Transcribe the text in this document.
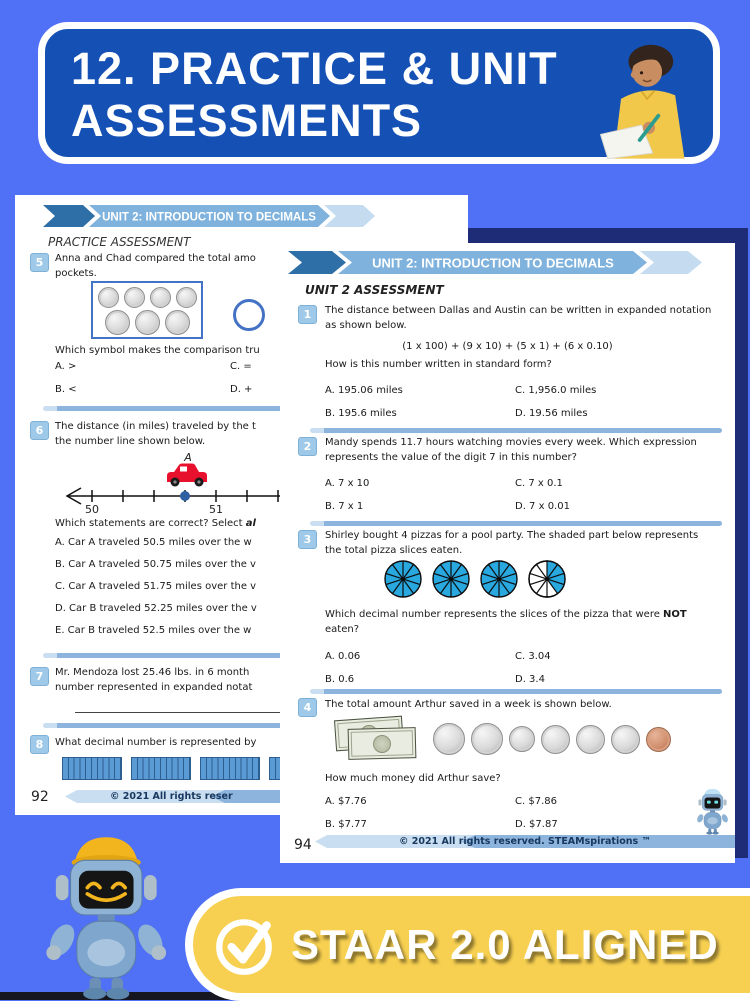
12. PRACTICE & UNIT
ASSESSMENTS
UNIT 2: INTRODUCTION TO DECIMALS
PRACTICE ASSESSMENT
5	Anna and Chad compared the total amo
pockets.
Which symbol makes the comparison tru
A. >	C. =
B. <	D. +
6	The distance (in miles) traveled by the t
the number line shown below.
A
50	51
Which statements are correct? Select al
A. Car A traveled 50.5 miles over the w
B. Car A traveled 50.75 miles over the v
C. Car A traveled 51.75 miles over the v
D. Car B traveled 52.25 miles over the v
E. Car B traveled 52.5 miles over the w
7	Mr. Mendoza lost 25.46 lbs. in 6 month
number represented in expanded notat
8	What decimal number is represented by
© 2021 All rights reser
92
UNIT 2: INTRODUCTION TO DECIMALS
UNIT 2 ASSESSMENT
1	The distance between Dallas and Austin can be written in expanded notation
as shown below.
(1 x 100) + (9 x 10) + (5 x 1) + (6 x 0.10)
How is this number written in standard form?
A. 195.06 miles	C. 1,956.0 miles
B. 195.6 miles	D. 19.56 miles
2	Mandy spends 11.7 hours watching movies every week. Which expression
represents the value of the digit 7 in this number?
A. 7 x 10	C. 7 x 0.1
B. 7 x 1	D. 7 x 0.01
3	Shirley bought 4 pizzas for a pool party. The shaded part below represents
the total pizza slices eaten.
Which decimal number represents the slices of the pizza that were NOT
eaten?
A. 0.06	C. 3.04
B. 0.6	D. 3.4
4	The total amount Arthur saved in a week is shown below.
How much money did Arthur save?
A. $7.76	C. $7.86
B. $7.77	D. $7.87
© 2021 All rights reserved. STEAMspirations ™
94
STAAR 2.0 ALIGNED
